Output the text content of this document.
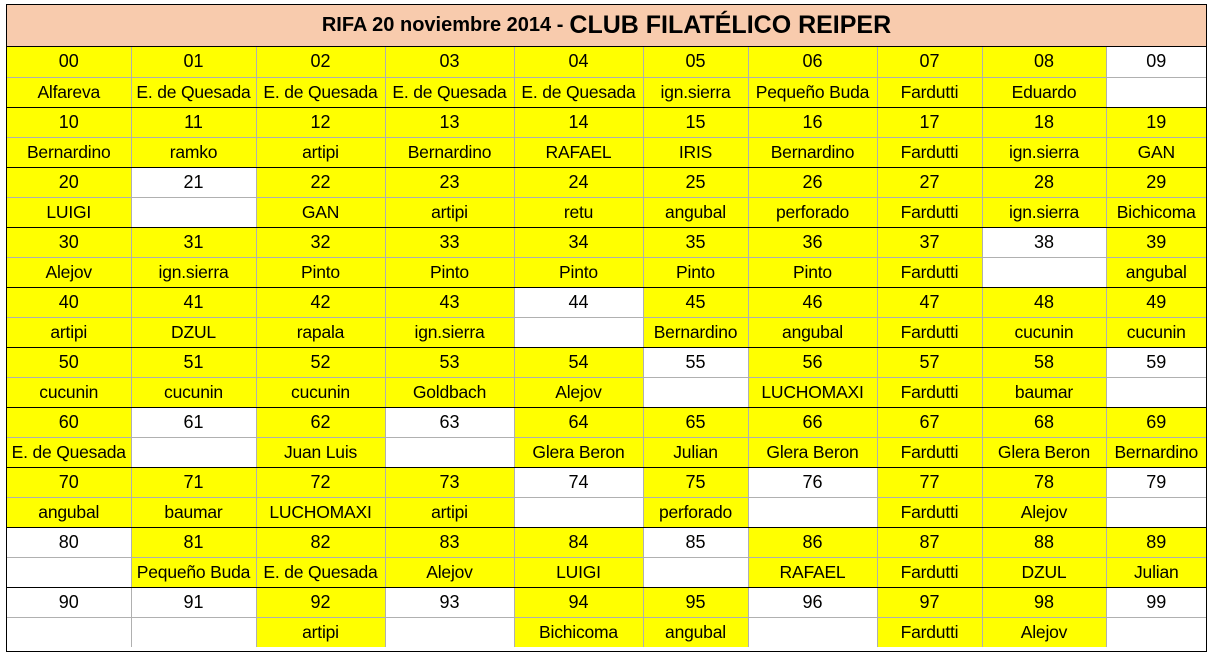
RIFA 20 noviembre 2014 - CLUB FILATÉLICO REIPER
00	01	02	03	04	05	06	07	08	09
Alfareva	E. de Quesada	E. de Quesada	E. de Quesada	E. de Quesada	ign.sierra	Pequeño Buda	Fardutti	Eduardo	
10	11	12	13	14	15	16	17	18	19
Bernardino	ramko	artipi	Bernardino	RAFAEL	IRIS	Bernardino	Fardutti	ign.sierra	GAN
20	21	22	23	24	25	26	27	28	29
LUIGI		GAN	artipi	retu	angubal	perforado	Fardutti	ign.sierra	Bichicoma
30	31	32	33	34	35	36	37	38	39
Alejov	ign.sierra	Pinto	Pinto	Pinto	Pinto	Pinto	Fardutti		angubal
40	41	42	43	44	45	46	47	48	49
artipi	DZUL	rapala	ign.sierra		Bernardino	angubal	Fardutti	cucunin	cucunin
50	51	52	53	54	55	56	57	58	59
cucunin	cucunin	cucunin	Goldbach	Alejov		LUCHOMAXI	Fardutti	baumar	
60	61	62	63	64	65	66	67	68	69
E. de Quesada		Juan Luis		Glera Beron	Julian	Glera Beron	Fardutti	Glera Beron	Bernardino
70	71	72	73	74	75	76	77	78	79
angubal	baumar	LUCHOMAXI	artipi		perforado		Fardutti	Alejov	
80	81	82	83	84	85	86	87	88	89
	Pequeño Buda	E. de Quesada	Alejov	LUIGI		RAFAEL	Fardutti	DZUL	Julian
90	91	92	93	94	95	96	97	98	99
		artipi		Bichicoma	angubal		Fardutti	Alejov	
